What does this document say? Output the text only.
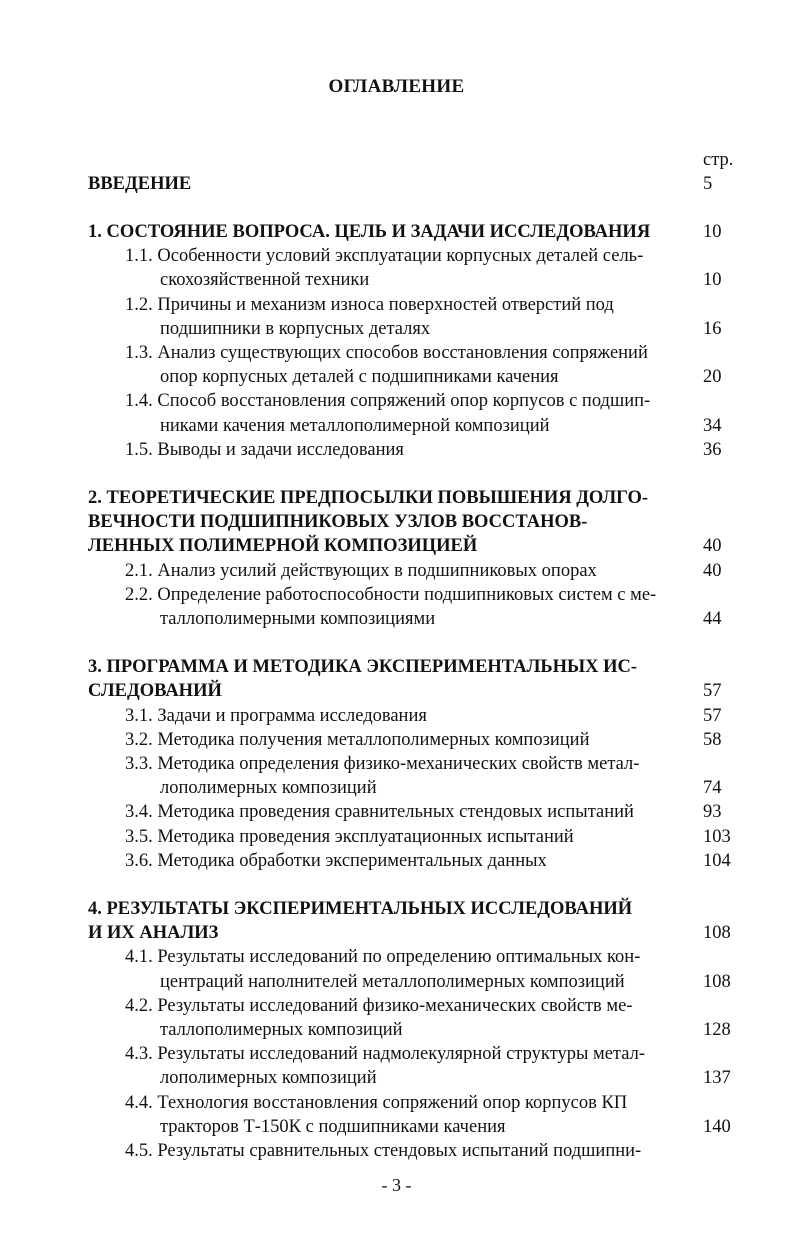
ОГЛАВЛЕНИЕ
стр.
ВВЕДЕНИЕ	5
1. СОСТОЯНИЕ ВОПРОСА. ЦЕЛЬ И ЗАДАЧИ ИССЛЕДОВАНИЯ	10
1.1. Особенности условий эксплуатации корпусных деталей сель-
скохозяйственной техники	10
1.2. Причины и механизм износа поверхностей отверстий под
подшипники в корпусных деталях	16
1.3. Анализ существующих способов восстановления сопряжений
опор корпусных деталей с подшипниками качения	20
1.4. Способ восстановления сопряжений опор корпусов с подшип-
никами качения металлополимерной композиций	34
1.5. Выводы и задачи исследования	36
2. ТЕОРЕТИЧЕСКИЕ ПРЕДПОСЫЛКИ ПОВЫШЕНИЯ ДОЛГО-
ВЕЧНОСТИ ПОДШИПНИКОВЫХ УЗЛОВ ВОССТАНОВ-
ЛЕННЫХ ПОЛИМЕРНОЙ КОМПОЗИЦИЕЙ	40
2.1. Анализ усилий действующих в подшипниковых опорах	40
2.2. Определение работоспособности подшипниковых систем с ме-
таллополимерными композициями	44
3. ПРОГРАММА И МЕТОДИКА ЭКСПЕРИМЕНТАЛЬНЫХ ИС-
СЛЕДОВАНИЙ	57
3.1. Задачи и программа исследования	57
3.2. Методика получения металлополимерных композиций	58
3.3. Методика определения физико-механических свойств метал-
лополимерных композиций	74
3.4. Методика проведения сравнительных стендовых испытаний	93
3.5. Методика проведения эксплуатационных испытаний	103
3.6. Методика обработки экспериментальных данных	104
4. РЕЗУЛЬТАТЫ ЭКСПЕРИМЕНТАЛЬНЫХ ИССЛЕДОВАНИЙ
И ИХ АНАЛИЗ	108
4.1. Результаты исследований по определению оптимальных кон-
центраций наполнителей металлополимерных композиций	108
4.2. Результаты исследований физико-механических свойств ме-
таллополимерных композиций	128
4.3. Результаты исследований надмолекулярной структуры метал-
лополимерных композиций	137
4.4. Технология восстановления сопряжений опор корпусов КП
тракторов Т-150К с подшипниками качения	140
4.5. Результаты сравнительных стендовых испытаний подшипни-
- 3 -
